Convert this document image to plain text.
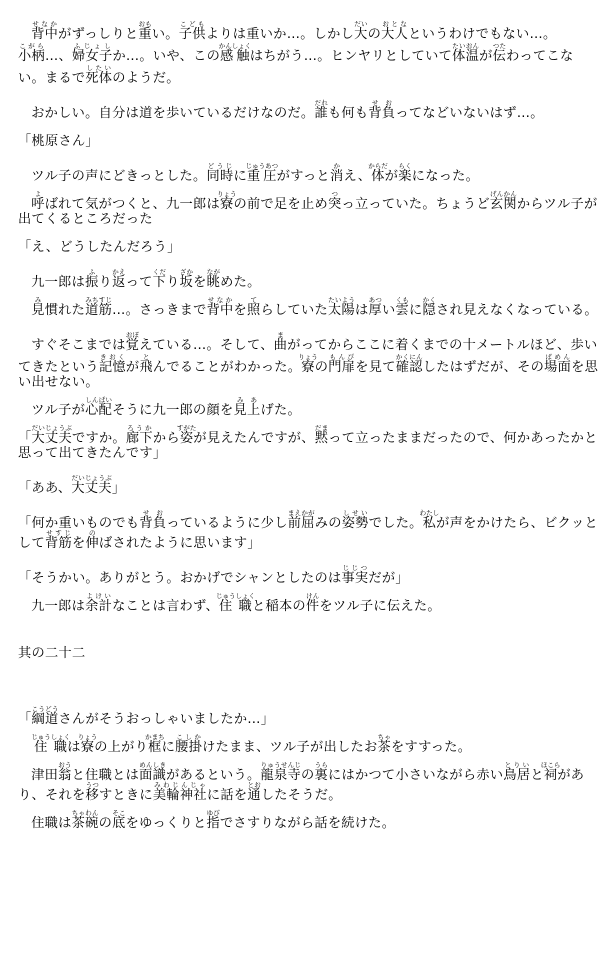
背中せなかがずっしりと重おもい。子供こどもよりは重いか…。しかし大だいの大人おとなというわけでもない…。小柄こがら…、婦女子ふじょしか…。いや、この感触かんしょくはちがう…。ヒンヤリとしていて体温たいおんが伝つたわってこない。まるで死体したいのようだ。

おかしい。自分は道を歩いているだけなのだ。誰だれも何も背負せおってなどいないはず…。

「桃原さん」

ツル子の声にどきっとした。同時どうじに重圧じゅうあつがすっと消かえ、体からだが楽らくになった。

呼よばれて気がつくと、九一郎は寮りょうの前で足を止め突つっ立っていた。ちょうど玄関げんかんからツル子が出てくるところだった

「え、どうしたんだろう」

九一郎は振ふり返かえって下くだり坂ざかを眺ながめた。

見み慣れた道筋みちすじ…。さっきまで背中せなかを照てらしていた太陽たいようは厚あつい雲くもに隠かくされ見えなくなっている。

すぐそこまでは覚おぼえている…。そして、曲まがってからここに着くまでの十メートルほど、歩いてきたという記憶きおくが飛とんでることがわかった。寮りょうの門扉もんぴを見て確認かくにんしたはずだが、その場面ばめんを思い出せない。

ツル子が心配しんぱいそうに九一郎の顔を見上みあげた。

「大丈夫だいじょうぶですか。廊下ろうかから姿すがたが見えたんですが、黙だまって立ったままだったので、何かあったかと思って出てきたんです」

「ああ、大丈夫だいじょうぶ」

「何か重いものでも背負せおっているように少し前屈まえかがみの姿勢しせいでした。私わたしが声をかけたら、ビクッとして背筋せすじを伸のばされたように思います」

「そうかい。ありがとう。おかげでシャンとしたのは事実じじつだが」

九一郎は余計よけいなことは言わず、住職じゅうしょくと稲本の件けんをツル子に伝えた。

其の二十二

「綱道こうどうさんがそうおっしゃいましたか…」

住職じゅうしょくは寮りょうの上がり框かまちに腰掛こしかけたまま、ツル子が出したお茶ちゃをすすった。

津田翁おうと住職とは面識めんしきがあるという。龍泉寺りゅうせんじの裏うらにはかつて小さいながら赤い鳥居とりいと祠ほこらがあり、それを移うつすときに美輪神社みわじんじゃに話を通とおしたそうだ。

住職は茶碗ちゃわんの底そこをゆっくりと指ゆびでさすりながら話を続けた。
